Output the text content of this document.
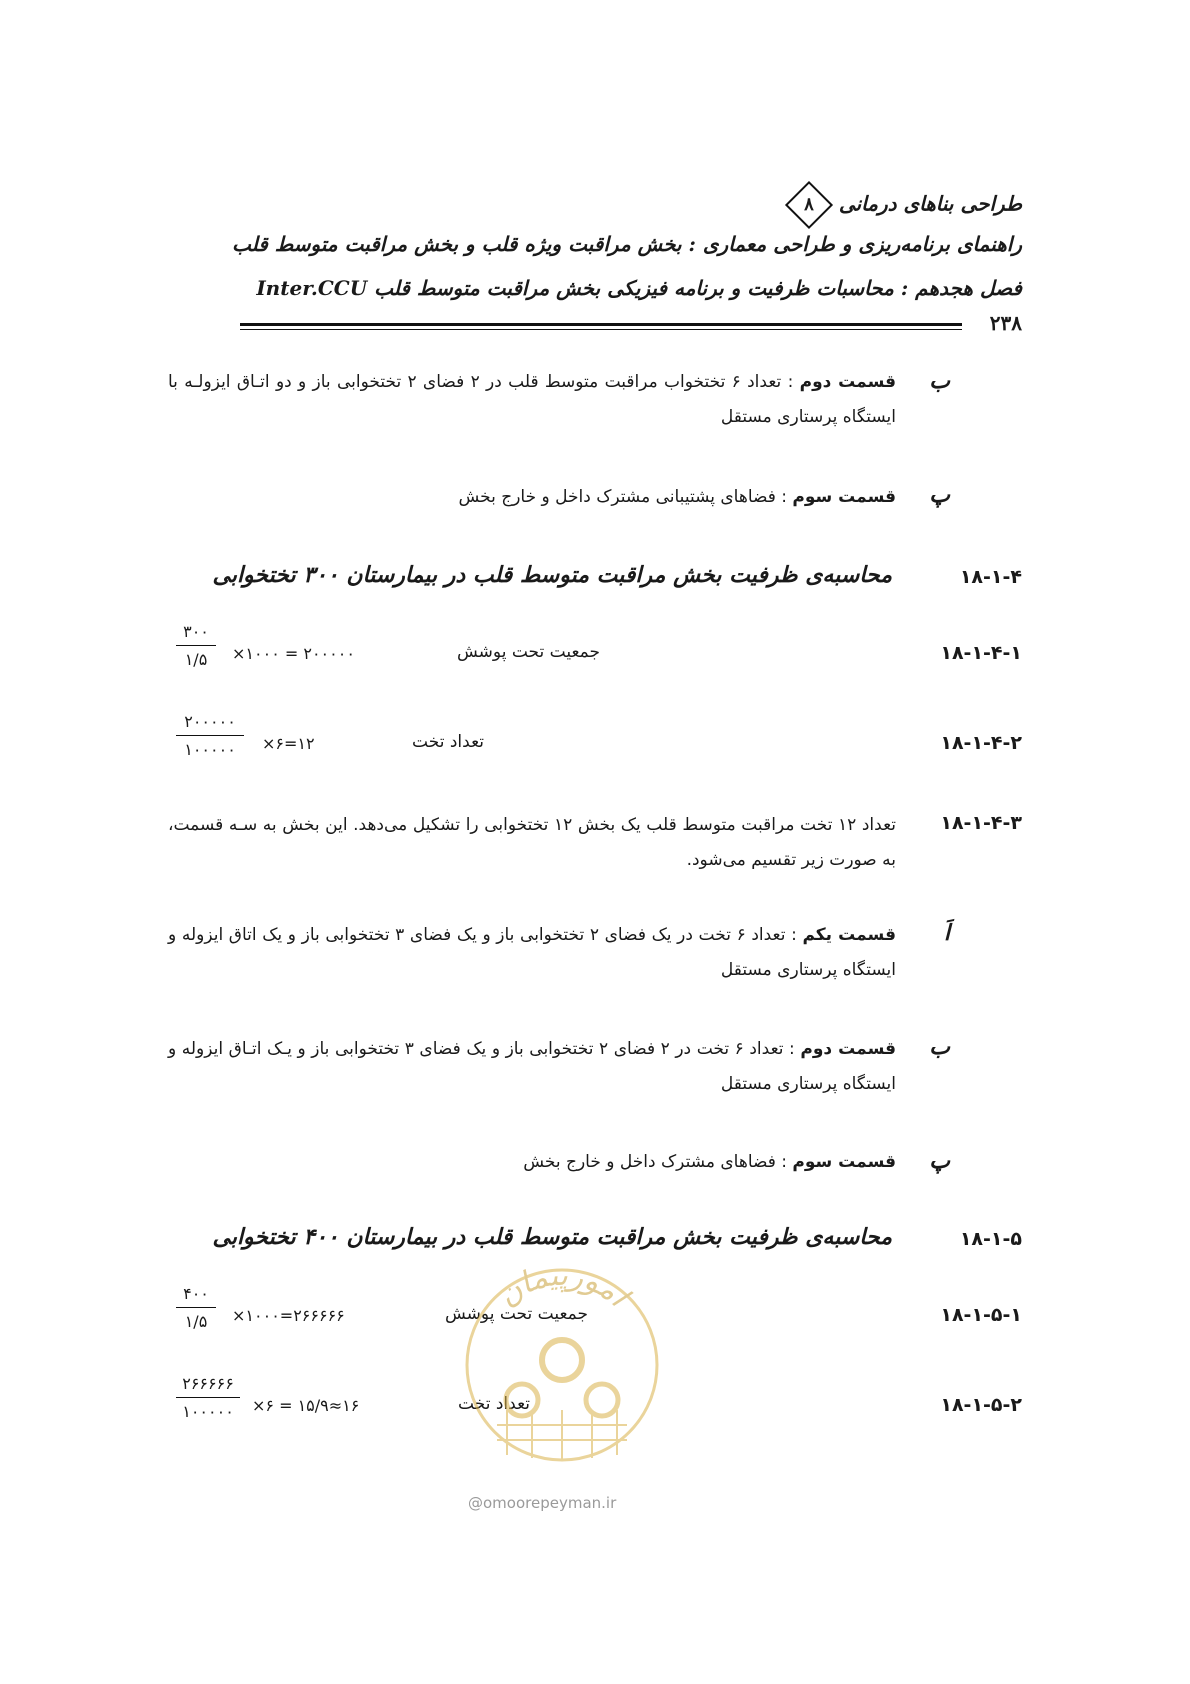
طراحی بناهای درمانی
۸
راهنمای برنامه‌ریزی و طراحی معماری : بخش مراقبت ویژه قلب و بخش مراقبت متوسط قلب
فصل هجدهم : محاسبات ظرفیت و برنامه فیزیکی بخش مراقبت متوسط قلب Inter.CCU
۲۳۸
ب
قسمت دوم : تعداد ۶ تختخواب مراقبت متوسط قلب در ۲ فضای ۲ تختخوابی باز و دو اتـاق ایزولـه با ایستگاه پرستاری مستقل
پ
قسمت سوم : فضاهای پشتیبانی مشترک داخل و خارج بخش
۱۸-۱-۴
محاسبه‌ی ظرفیت بخش مراقبت متوسط قلب در بیمارستان ۳۰۰ تختخوابی
۱۸-۱-۴-۱
جمعیت تحت پوشش
×۱۰۰۰ = ۲۰۰۰۰۰
۳۰۰
۱/۵
۱۸-۱-۴-۲
تعداد تخت
×۶=۱۲
۲۰۰۰۰۰
۱۰۰۰۰۰
۱۸-۱-۴-۳
تعداد ۱۲ تخت مراقبت متوسط قلب یک بخش ۱۲ تختخوابی را تشکیل می‌دهد. این بخش به سـه قسمت، به صورت زیر تقسیم می‌شود.
اَ
قسمت یکم : تعداد ۶ تخت در یک فضای ۲ تختخوابی باز و یک فضای ۳ تختخوابی باز و یک اتاق ایزوله و ایستگاه پرستاری مستقل
ب
قسمت دوم : تعداد ۶ تخت در ۲ فضای ۲ تختخوابی باز و یک فضای ۳ تختخوابی باز و یـک اتـاق ایزوله و ایستگاه پرستاری مستقل
پ
قسمت سوم : فضاهای مشترک داخل و خارج بخش
۱۸-۱-۵
محاسبه‌ی ظرفیت بخش مراقبت متوسط قلب در بیمارستان ۴۰۰ تختخوابی
۱۸-۱-۵-۱
جمعیت تحت پوشش
×۱۰۰۰=۲۶۶۶۶۶
۴۰۰
۱/۵
۱۸-۱-۵-۲
تعداد تخت
×۶ = ۱۵/۹≈۱۶
۲۶۶۶۶۶
۱۰۰۰۰۰
امورپیمان
@omoorepeyman.ir
